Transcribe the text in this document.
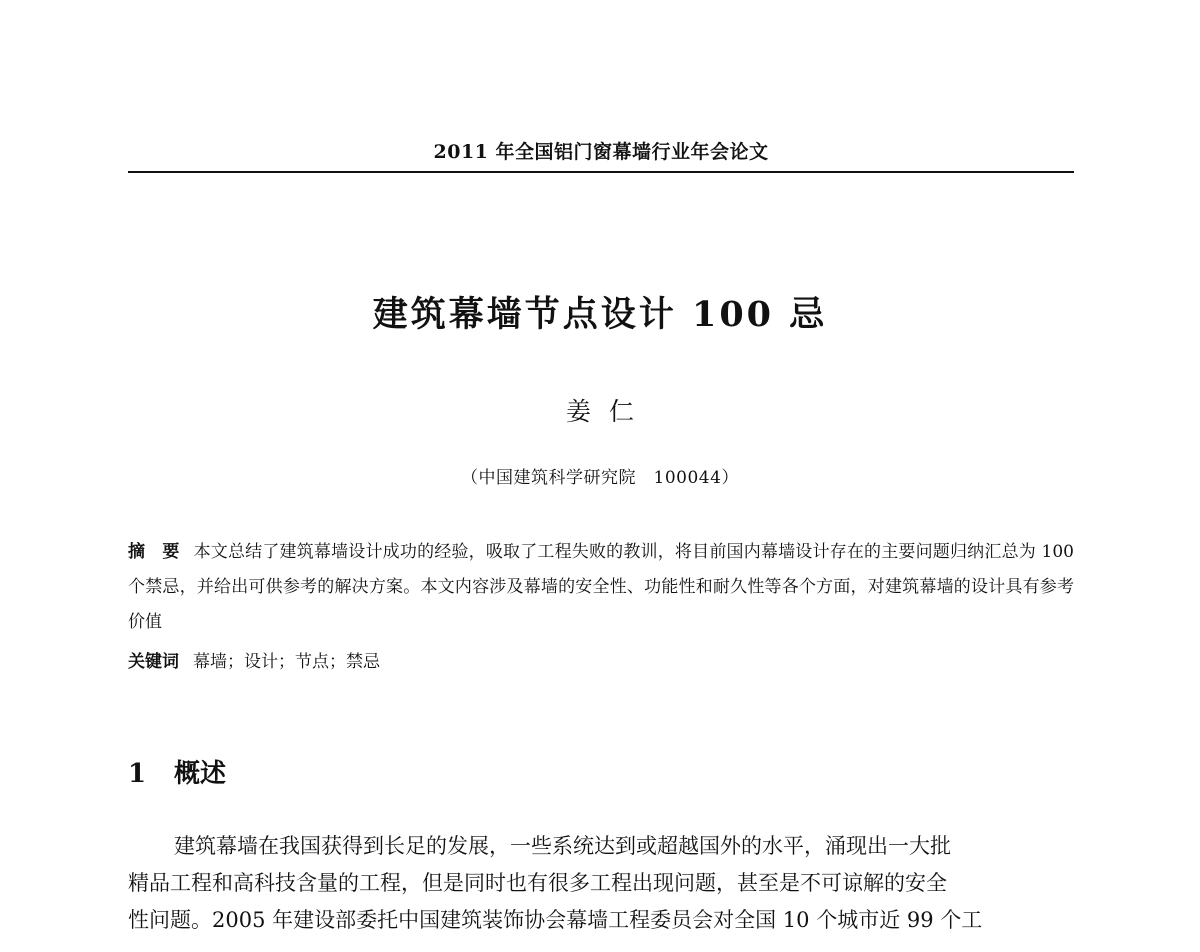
2011 年全国铝门窗幕墙行业年会论文
建筑幕墙节点设计 100 忌
姜仁
（中国建筑科学研究院　100044）
摘　要 本文总结了建筑幕墙设计成功的经验，吸取了工程失败的教训，将目前国内幕墙设计存在的主要问题归纳汇总为 100 个禁忌，并给出可供参考的解决方案。本文内容涉及幕墙的安全性、功能性和耐久性等各个方面，对建筑幕墙的设计具有参考价值
关键词 幕墙；设计；节点；禁忌
1 概述
建筑幕墙在我国获得到长足的发展，一些系统达到或超越国外的水平，涌现出一大批
精品工程和高科技含量的工程，但是同时也有很多工程出现问题，甚至是不可谅解的安全
性问题。2005 年建设部委托中国建筑装饰协会幕墙工程委员会对全国 10 个城市近 99 个工
